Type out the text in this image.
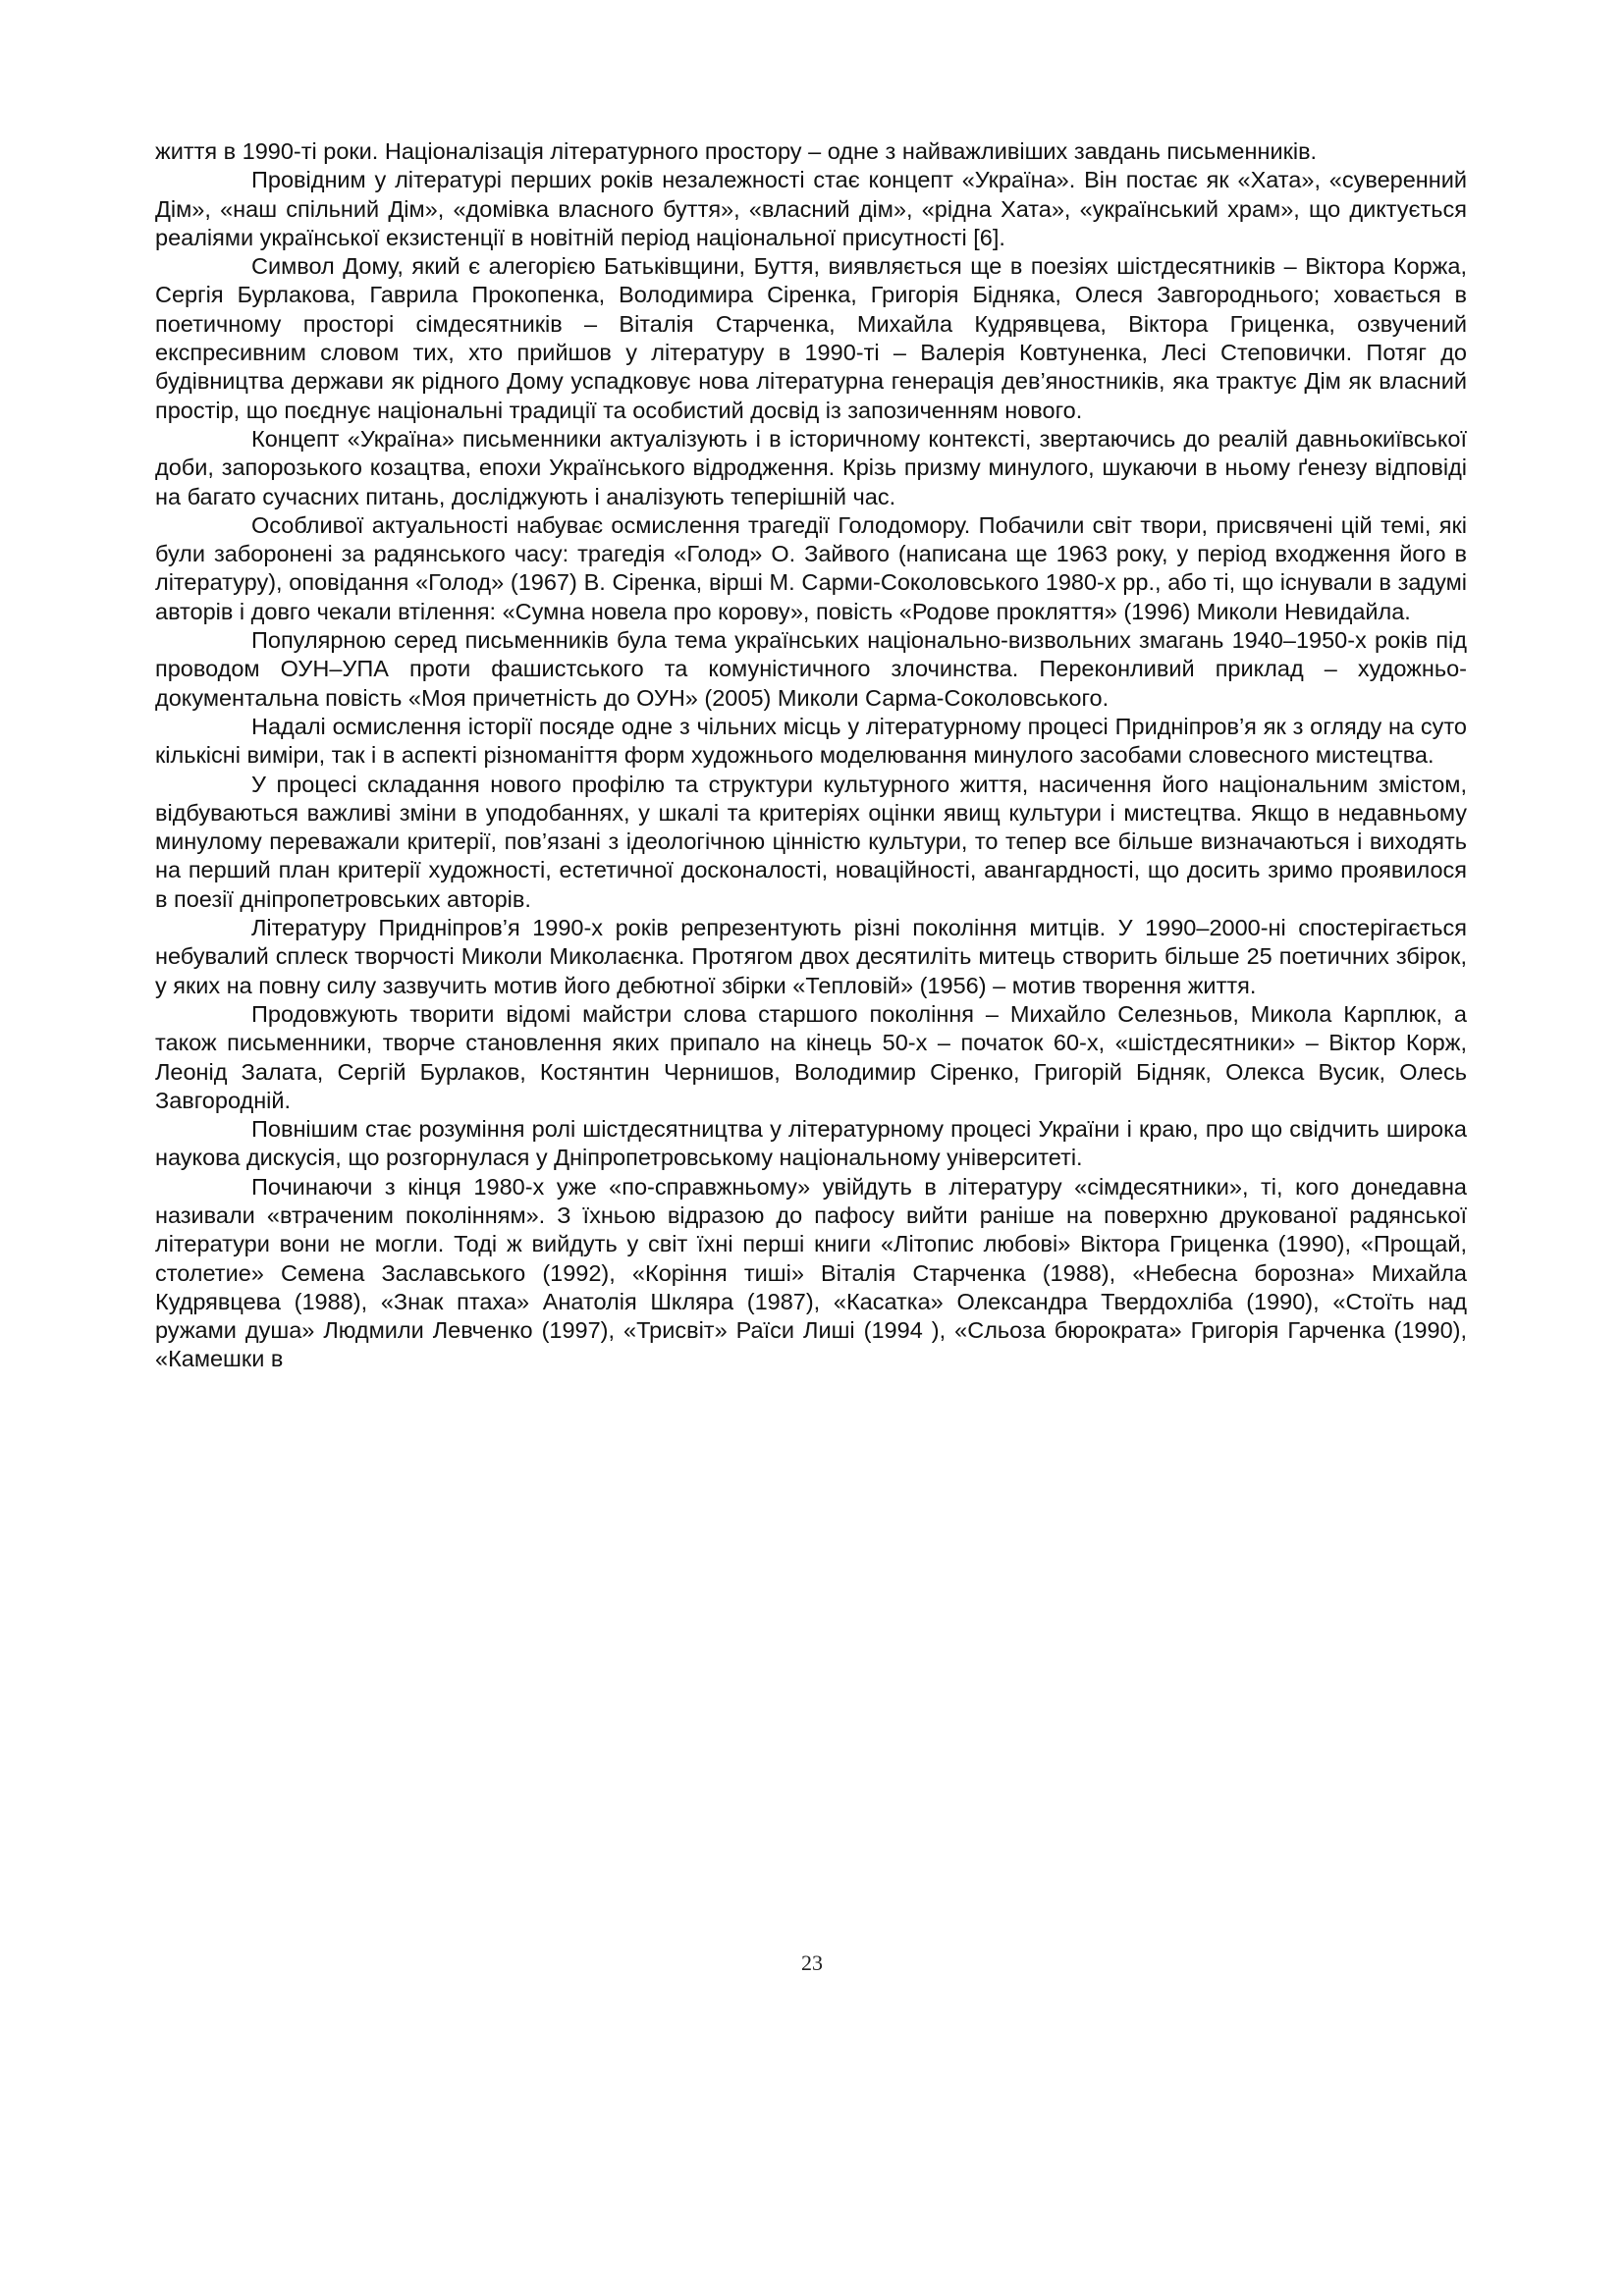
життя в 1990-ті роки. Націоналізація літературного простору – одне з найважливіших завдань письменників.

Провідним у літературі перших років незалежності стає концепт «Україна». Він постає як «Хата», «суверенний Дім», «наш спільний Дім», «домівка власного буття», «власний дім», «рідна Хата», «український храм», що диктується реаліями української екзистенції в новітній період національної присутності [6].

Символ Дому, який є алегорією Батьківщини, Буття, виявляється ще в поезіях шістдесятників – Віктора Коржа, Сергія Бурлакова, Гаврила Прокопенка, Володимира Сіренка, Григорія Бідняка, Олеся Завгороднього; ховається в поетичному просторі сімдесятників – Віталія Старченка, Михайла Кудрявцева, Віктора Гриценка, озвучений експресивним словом тих, хто прийшов у літературу в 1990-ті – Валерія Ковтуненка, Лесі Степовички. Потяг до будівництва держави як рідного Дому успадковує нова літературна генерація дев’яностників, яка трактує Дім як власний простір, що поєднує національні традиції та особистий досвід із запозиченням нового.

Концепт «Україна» письменники актуалізують і в історичному контексті, звертаючись до реалій давньокиївської доби, запорозького козацтва, епохи Українського відродження. Крізь призму минулого, шукаючи в ньому ґенезу відповіді на багато сучасних питань, досліджують і аналізують теперішній час.

Особливої актуальності набуває осмислення трагедії Голодомору. Побачили світ твори, присвячені цій темі, які були заборонені за радянського часу: трагедія «Голод» О. Зайвого (написана ще 1963 року, у період входження його в літературу), оповідання «Голод» (1967) В. Сіренка, вірші М. Сарми-Соколовського 1980-х рр., або ті, що існували в задумі авторів і довго чекали втілення: «Сумна новела про корову», повість «Родове прокляття» (1996) Миколи Невидайла.

Популярною серед письменників була тема українських національно-визвольних змагань 1940–1950-х років під проводом ОУН–УПА проти фашистського та комуністичного злочинства. Переконливий приклад – художньо-документальна повість «Моя причетність до ОУН» (2005) Миколи Сарма-Соколовського.

Надалі осмислення історії посяде одне з чільних місць у літературному процесі Придніпров’я як з огляду на суто кількісні виміри, так і в аспекті різноманіття форм художнього моделювання минулого засобами словесного мистецтва.

У процесі складання нового профілю та структури культурного життя, насичення його національним змістом, відбуваються важливі зміни в уподобаннях, у шкалі та критеріях оцінки явищ культури і мистецтва. Якщо в недавньому минулому переважали критерії, пов’язані з ідеологічною цінністю культури, то тепер все більше визначаються і виходять на перший план критерії художності, естетичної досконалості, новаційності, авангардності, що досить зримо проявилося в поезії дніпропетровських авторів.

Літературу Придніпров’я 1990-х років репрезентують різні покоління митців. У 1990–2000-ні спостерігається небувалий сплеск творчості Миколи Миколаєнка. Протягом двох десятиліть митець створить більше 25 поетичних збірок, у яких на повну силу зазвучить мотив його дебютної збірки «Тепловій» (1956) – мотив творення життя.

Продовжують творити відомі майстри слова старшого покоління – Михайло Селезньов, Микола Карплюк, а також письменники, творче становлення яких припало на кінець 50-х – початок 60-х, «шістдесятники» – Віктор Корж, Леонід Залата, Сергій Бурлаков, Костянтин Чернишов, Володимир Сіренко, Григорій Бідняк, Олекса Вусик, Олесь Завгородній.

Повнішим стає розуміння ролі шістдесятництва у літературному процесі України і краю, про що свідчить широка наукова дискусія, що розгорнулася у Дніпропетровському національному університеті.

Починаючи з кінця 1980-х уже «по-справжньому» увійдуть в літературу «сімдесятники», ті, кого донедавна називали «втраченим поколінням». З їхньою відразою до пафосу вийти раніше на поверхню друкованої радянської літератури вони не могли. Тоді ж вийдуть у світ їхні перші книги «Літопис любові» Віктора Гриценка (1990), «Прощай, столетие» Семена Заславського (1992), «Коріння тиші» Віталія Старченка (1988), «Небесна борозна» Михайла Кудрявцева (1988), «Знак птаха» Анатолія Шкляра (1987), «Касатка» Олександра Твердохліба (1990), «Стоїть над ружами душа» Людмили Левченко (1997), «Трисвіт» Раїси Лиші (1994 ), «Сльоза бюрократа» Григорія Гарченка (1990), «Камешки в

23
